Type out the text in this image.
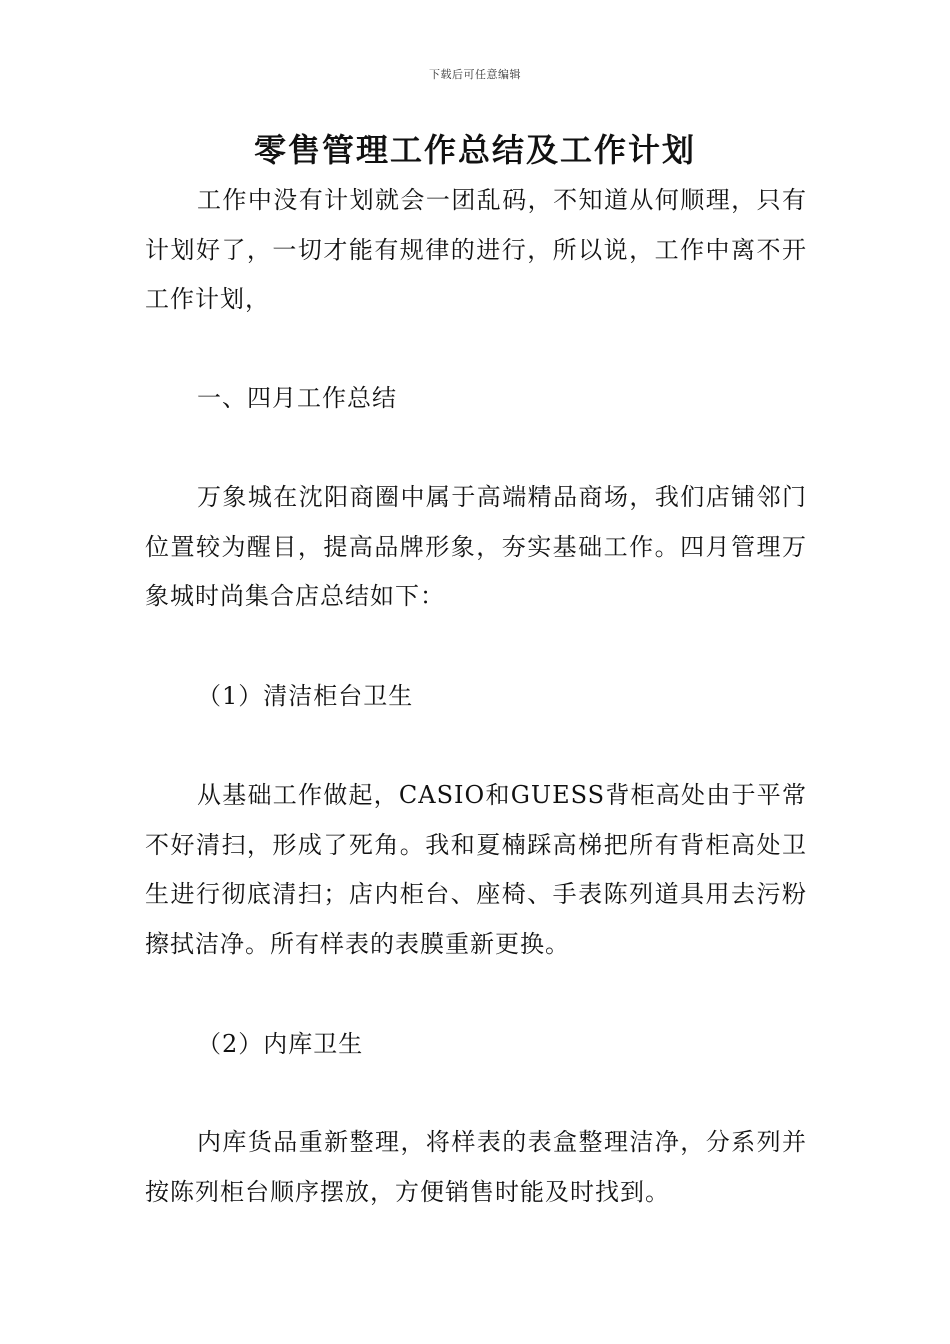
下载后可任意编辑
零售管理工作总结及工作计划

工作中没有计划就会一团乱码，不知道从何顺理，只有计划好了，一切才能有规律的进行，所以说，工作中离不开工作计划，

一、四月工作总结

万象城在沈阳商圈中属于高端精品商场，我们店铺邻门位置较为醒目，提高品牌形象，夯实基础工作。四月管理万象城时尚集合店总结如下：

（1）清洁柜台卫生

从基础工作做起，CASIO和GUESS背柜高处由于平常不好清扫，形成了死角。我和夏楠踩高梯把所有背柜高处卫生进行彻底清扫；店内柜台、座椅、手表陈列道具用去污粉擦拭洁净。所有样表的表膜重新更换。

（2）内库卫生

内库货品重新整理，将样表的表盒整理洁净，分系列并按陈列柜台顺序摆放，方便销售时能及时找到。
